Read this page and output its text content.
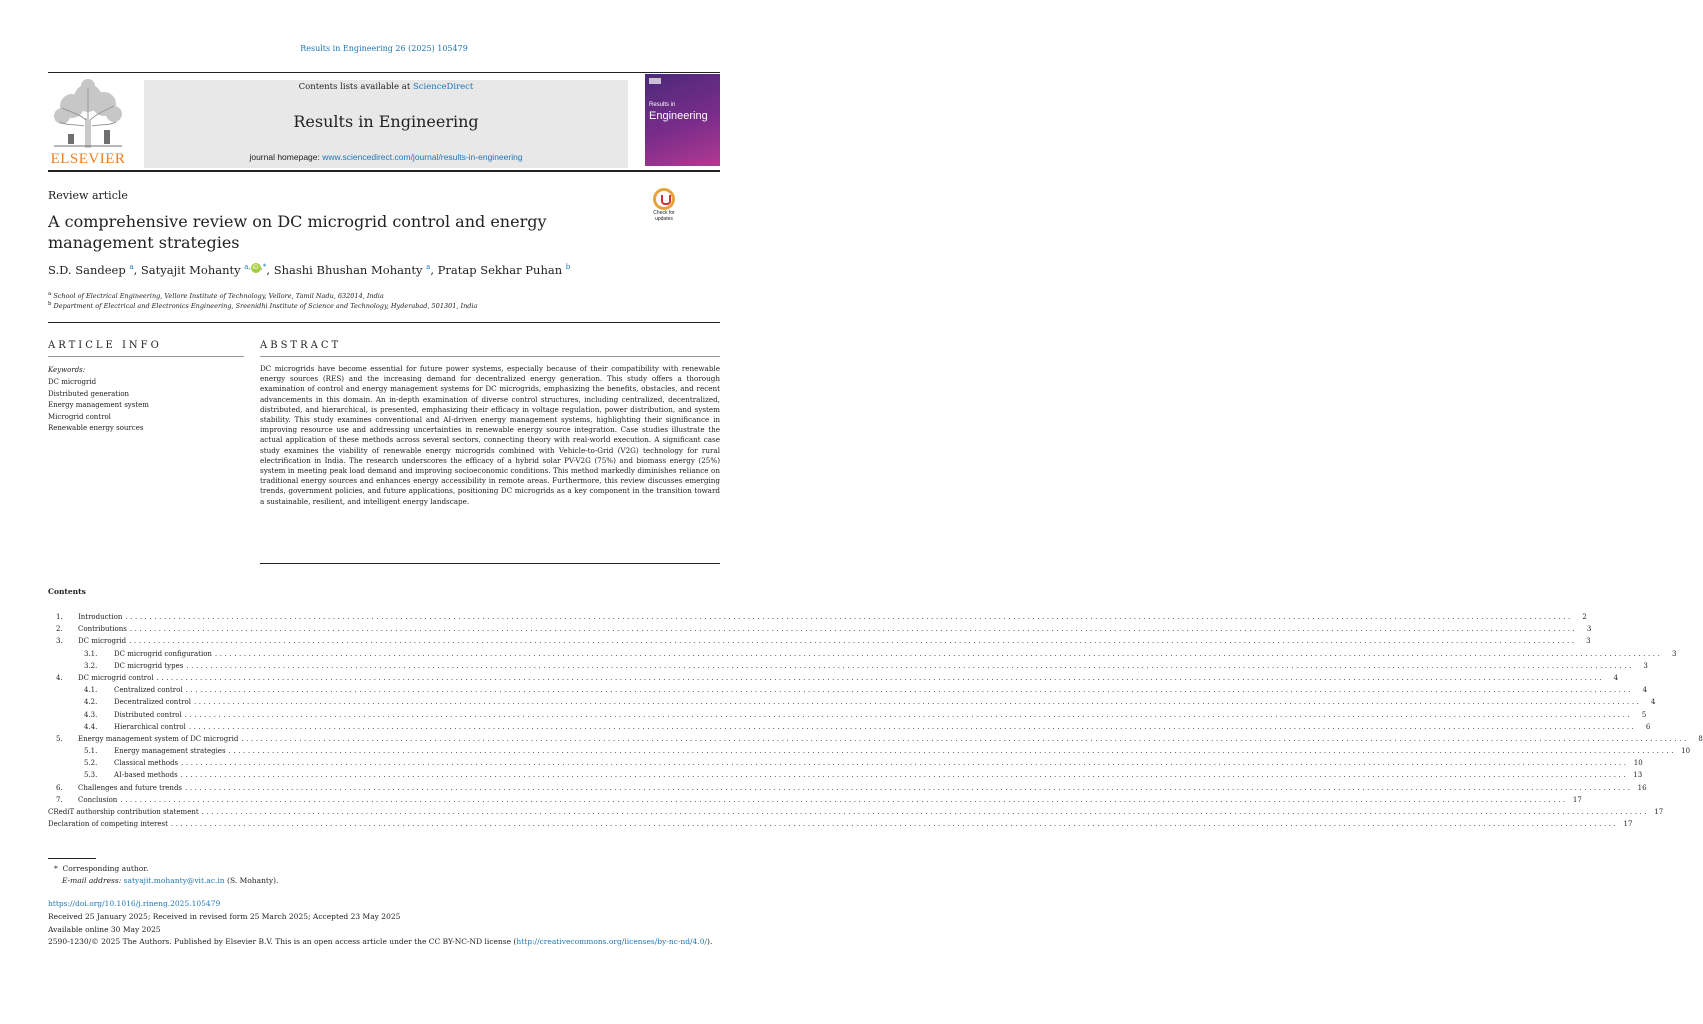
Results in Engineering 26 (2025) 105479
ELSEVIER
Contents lists available at ScienceDirect
Results in Engineering
journal homepage: www.sciencedirect.com/journal/results-in-engineering
Results in
Engineering
Review article
A comprehensive review on DC microgrid control and energy management strategies
Check for
updates
S.D. Sandeep $^a$, Satyajit Mohanty $^{a,}$ iD ,*, Shashi Bhushan Mohanty $^a$, Pratap Sekhar Puhan $^b$
$^a$ School of Electrical Engineering, Vellore Institute of Technology, Vellore, Tamil Nadu, 632014, India
$^b$ Department of Electrical and Electronics Engineering, Sreenidhi Institute of Science and Technology, Hyderabad, 501301, India
ARTICLE INFO	ABSTRACT
Keywords:
DC microgrid
Distributed generation
Energy management system
Microgrid control
Renewable energy sources
DC microgrids have become essential for future power systems, especially because of their compatibility with renewable energy sources (RES) and the increasing demand for decentralized energy generation. This study offers a thorough examination of control and energy management systems for DC microgrids, emphasizing the benefits, obstacles, and recent advancements in this domain. An in-depth examination of diverse control structures, including centralized, decentralized, distributed, and hierarchical, is presented, emphasizing their efficacy in voltage regulation, power distribution, and system stability. This study examines conventional and AI-driven energy management systems, highlighting their significance in improving resource use and addressing uncertainties in renewable energy source integration. Case studies illustrate the actual application of these methods across several sectors, connecting theory with real-world execution. A significant case study examines the viability of renewable energy microgrids combined with Vehicle-to-Grid (V2G) technology for rural electrification in India. The research underscores the efficacy of a hybrid solar PV-V2G (75%) and biomass energy (25%) system in meeting peak load demand and improving socioeconomic conditions. This method markedly diminishes reliance on traditional energy sources and enhances energy accessibility in remote areas. Furthermore, this review discusses emerging trends, government policies, and future applications, positioning DC microgrids as a key component in the transition toward a sustainable, resilient, and intelligent energy landscape.
Contents
1.	Introduction ............................................................................................................................................................................................................................................................................................................	2
2.	Contributions ............................................................................................................................................................................................................................................................................................................	3
3.	DC microgrid ............................................................................................................................................................................................................................................................................................................	3
3.1.	DC microgrid configuration ............................................................................................................................................................................................................................................................................................................	3
3.2.	DC microgrid types ............................................................................................................................................................................................................................................................................................................	3
4.	DC microgrid control ............................................................................................................................................................................................................................................................................................................	4
4.1.	Centralized control ............................................................................................................................................................................................................................................................................................................	4
4.2.	Decentralized control ............................................................................................................................................................................................................................................................................................................	4
4.3.	Distributed control ............................................................................................................................................................................................................................................................................................................	5
4.4.	Hierarchical control ............................................................................................................................................................................................................................................................................................................	6
5.	Energy management system of DC microgrid ............................................................................................................................................................................................................................................................................................................	8
5.1.	Energy management strategies ............................................................................................................................................................................................................................................................................................................ 10
5.2.	Classical methods ............................................................................................................................................................................................................................................................................................................ 10
5.3.	AI-based methods ............................................................................................................................................................................................................................................................................................................ 13
6.	Challenges and future trends ............................................................................................................................................................................................................................................................................................................ 16
7.	Conclusion ............................................................................................................................................................................................................................................................................................................ 17
CRediT authorship contribution statement ............................................................................................................................................................................................................................................................................................................ 17
Declaration of competing interest ............................................................................................................................................................................................................................................................................................................ 17
* Corresponding author.
E-mail address: satyajit.mohanty@vit.ac.in (S. Mohanty).
https://doi.org/10.1016/j.rineng.2025.105479
Received 25 January 2025; Received in revised form 25 March 2025; Accepted 23 May 2025
Available online 30 May 2025
2590-1230/© 2025 The Authors. Published by Elsevier B.V. This is an open access article under the CC BY-NC-ND license (http://creativecommons.org/licenses/by-nc-nd/4.0/).
